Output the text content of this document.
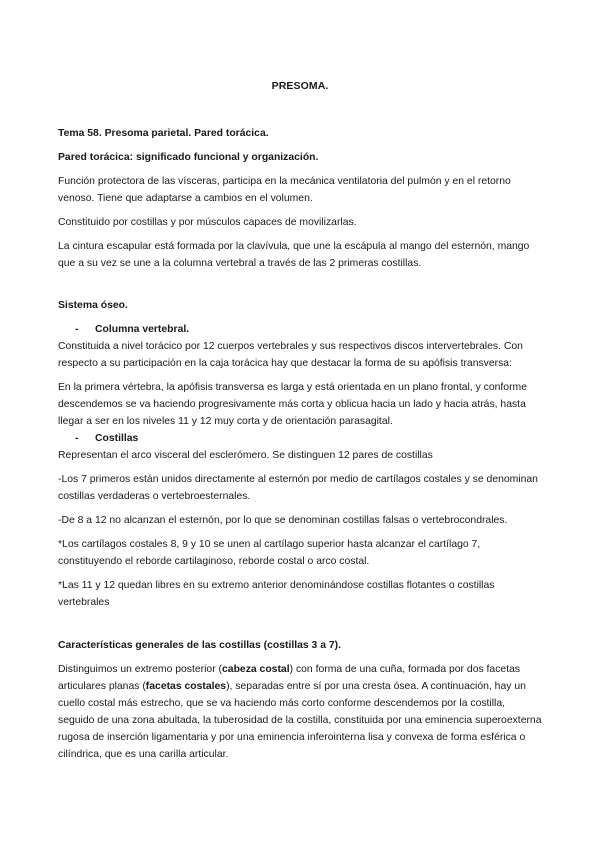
PRESOMA.

Tema 58. Presoma parietal. Pared torácica.

Pared torácica: significado funcional y organización.

Función protectora de las vísceras, participa en la mecánica ventilatoria del pulmón y en el retorno venoso. Tiene que adaptarse a cambios en el volumen.

Constituido por costillas y por músculos capaces de movilizarlas.

La cintura escapular está formada por la clavívula, que une la escápula al mango del esternón, mango que a su vez se une a la columna vertebral a través de las 2 primeras costillas.

Sistema óseo.

- Columna vertebral.

Constituida a nivel torácico por 12 cuerpos vertebrales y sus respectivos discos intervertebrales. Con respecto a su participación en la caja torácica hay que destacar la forma de su apófisis transversa:

En la primera vértebra, la apófisis transversa es larga y está orientada en un plano frontal, y conforme descendemos se va haciendo progresivamente más corta y oblicua hacia un lado y hacia atrás, hasta llegar a ser en los niveles 11 y 12 muy corta y de orientación parasagital.

- Costillas

Representan el arco visceral del esclerómero. Se distinguen 12 pares de costillas

-Los 7 primeros están unidos directamente al esternón por medio de cartílagos costales y se denominan costillas verdaderas o vertebroesternales.

-De 8 a 12 no alcanzan el esternón, por lo que se denominan costillas falsas o vertebrocondrales.

*Los cartílagos costales 8, 9 y 10 se unen al cartílago superior hasta alcanzar el cartílago 7, constituyendo el reborde cartilaginoso, reborde costal o arco costal.

*Las 11 y 12 quedan libres en su extremo anterior denominándose costillas flotantes o costillas vertebrales

Características generales de las costillas (costillas 3 a 7).

Distinguimos un extremo posterior (cabeza costal) con forma de una cuña, formada por dos facetas articulares planas (facetas costales), separadas entre sí por una cresta ósea. A continuación, hay un cuello costal más estrecho, que se va haciendo más corto conforme descendemos por la costilla, seguido de una zona abultada, la tuberosidad de la costilla, constituida por una eminencia superoexterna rugosa de inserción ligamentaria y por una eminencia inferointerna lisa y convexa de forma esférica o cilíndrica, que es una carilla articular.
